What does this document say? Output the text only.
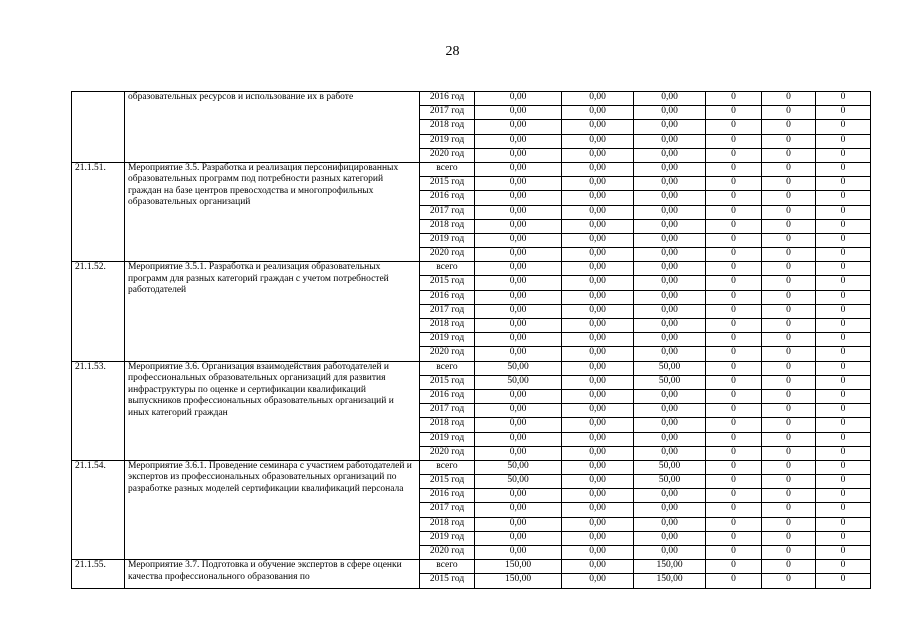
28
	образовательных ресурсов и использование их в работе	2016 год	0,00	0,00	0,00	0	0	0
		2017 год	0,00	0,00	0,00	0	0	0
		2018 год	0,00	0,00	0,00	0	0	0
		2019 год	0,00	0,00	0,00	0	0	0
		2020 год	0,00	0,00	0,00	0	0	0
21.1.51.	Мероприятие 3.5. Разработка и реализация персонифицированных образовательных программ под потребности разных категорий граждан на базе центров превосходства и многопрофильных образовательных организаций	всего	0,00	0,00	0,00	0	0	0
		2015 год	0,00	0,00	0,00	0	0	0
		2016 год	0,00	0,00	0,00	0	0	0
		2017 год	0,00	0,00	0,00	0	0	0
		2018 год	0,00	0,00	0,00	0	0	0
		2019 год	0,00	0,00	0,00	0	0	0
		2020 год	0,00	0,00	0,00	0	0	0
21.1.52.	Мероприятие 3.5.1. Разработка и реализация образовательных программ для разных категорий граждан с учетом потребностей работодателей	всего	0,00	0,00	0,00	0	0	0
		2015 год	0,00	0,00	0,00	0	0	0
		2016 год	0,00	0,00	0,00	0	0	0
		2017 год	0,00	0,00	0,00	0	0	0
		2018 год	0,00	0,00	0,00	0	0	0
		2019 год	0,00	0,00	0,00	0	0	0
		2020 год	0,00	0,00	0,00	0	0	0
21.1.53.	Мероприятие 3.6. Организация взаимодействия работодателей и профессиональных образовательных организаций для развития инфраструктуры по оценке и сертификации квалификаций выпускников профессиональных образовательных организаций и иных категорий граждан	всего	50,00	0,00	50,00	0	0	0
		2015 год	50,00	0,00	50,00	0	0	0
		2016 год	0,00	0,00	0,00	0	0	0
		2017 год	0,00	0,00	0,00	0	0	0
		2018 год	0,00	0,00	0,00	0	0	0
		2019 год	0,00	0,00	0,00	0	0	0
		2020 год	0,00	0,00	0,00	0	0	0
21.1.54.	Мероприятие 3.6.1. Проведение семинара с участием работодателей и экспертов из профессиональных образовательных организаций по разработке разных моделей сертификации квалификаций персонала	всего	50,00	0,00	50,00	0	0	0
		2015 год	50,00	0,00	50,00	0	0	0
		2016 год	0,00	0,00	0,00	0	0	0
		2017 год	0,00	0,00	0,00	0	0	0
		2018 год	0,00	0,00	0,00	0	0	0
		2019 год	0,00	0,00	0,00	0	0	0
		2020 год	0,00	0,00	0,00	0	0	0
21.1.55.	Мероприятие 3.7. Подготовка и обучение экспертов в сфере оценки качества профессионального образования по	всего	150,00	0,00	150,00	0	0	0
		2015 год	150,00	0,00	150,00	0	0	0
